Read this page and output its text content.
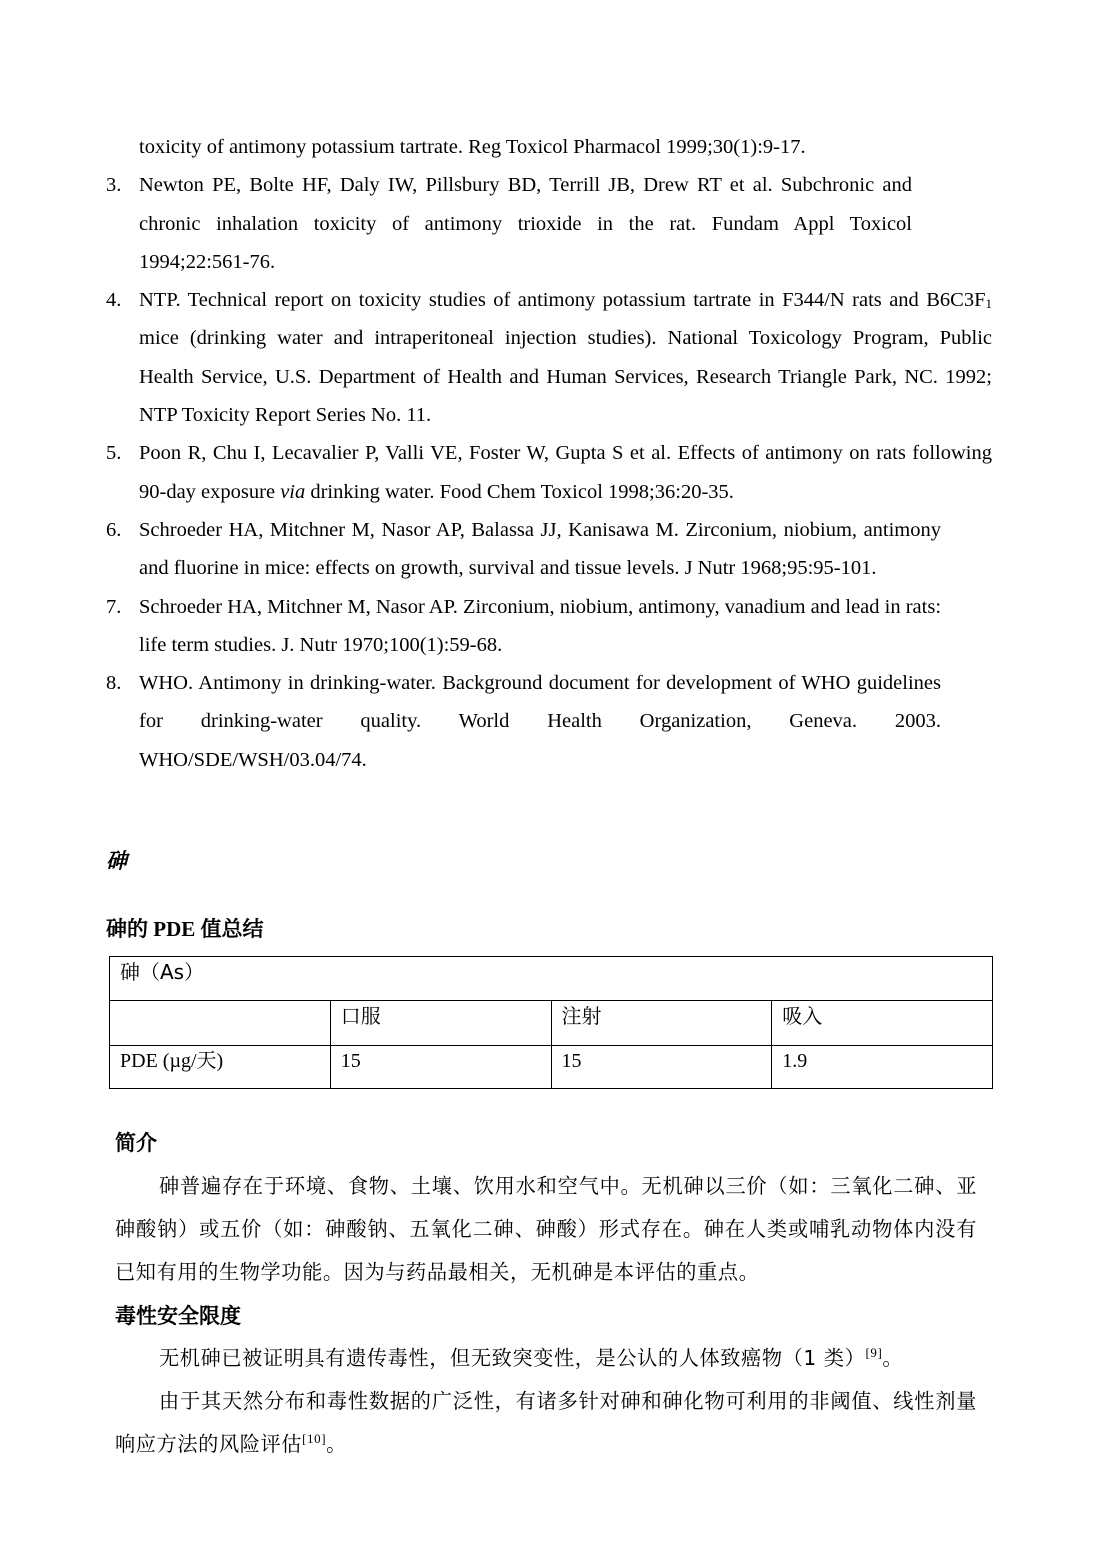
toxicity of antimony potassium tartrate. Reg Toxicol Pharmacol 1999;30(1):9-17.
3. Newton PE, Bolte HF, Daly IW, Pillsbury BD, Terrill JB, Drew RT et al. Subchronic and chronic inhalation toxicity of antimony trioxide in the rat. Fundam Appl Toxicol 1994;22:561-76.
4. NTP. Technical report on toxicity studies of antimony potassium tartrate in F344/N rats and $B6C3F_1$ mice (drinking water and intraperitoneal injection studies). National Toxicology Program, Public Health Service, U.S. Department of Health and Human Services, Research Triangle Park, NC. 1992; NTP Toxicity Report Series No. 11.
5. Poon R, Chu I, Lecavalier P, Valli VE, Foster W, Gupta S et al. Effects of antimony on rats following 90-day exposure via drinking water. Food Chem Toxicol 1998;36:20-35.
6. Schroeder HA, Mitchner M, Nasor AP, Balassa JJ, Kanisawa M. Zirconium, niobium, antimony and fluorine in mice: effects on growth, survival and tissue levels. J Nutr 1968;95:95-101.
7. Schroeder HA, Mitchner M, Nasor AP. Zirconium, niobium, antimony, vanadium and lead in rats: life term studies. J. Nutr 1970;100(1):59-68.
8. WHO. Antimony in drinking-water. Background document for development of WHO guidelines for drinking-water quality. World Health Organization, Geneva. 2003. WHO/SDE/WSH/03.04/74.
砷
砷的 PDE 值总结
砷（As）			
	口服	注射	吸入
PDE (µg/天)	15	15	1.9
简介
砷普遍存在于环境、食物、土壤、饮用水和空气中。无机砷以三价（如：三氧化二砷、亚砷酸钠）或五价（如：砷酸钠、五氧化二砷、砷酸）形式存在。砷在人类或哺乳动物体内没有已知有用的生物学功能。因为与药品最相关，无机砷是本评估的重点。
毒性安全限度
无机砷已被证明具有遗传毒性，但无致突变性，是公认的人体致癌物（1 类）[9]。
由于其天然分布和毒性数据的广泛性，有诸多针对砷和砷化物可利用的非阈值、线性剂量响应方法的风险评估[10]。
